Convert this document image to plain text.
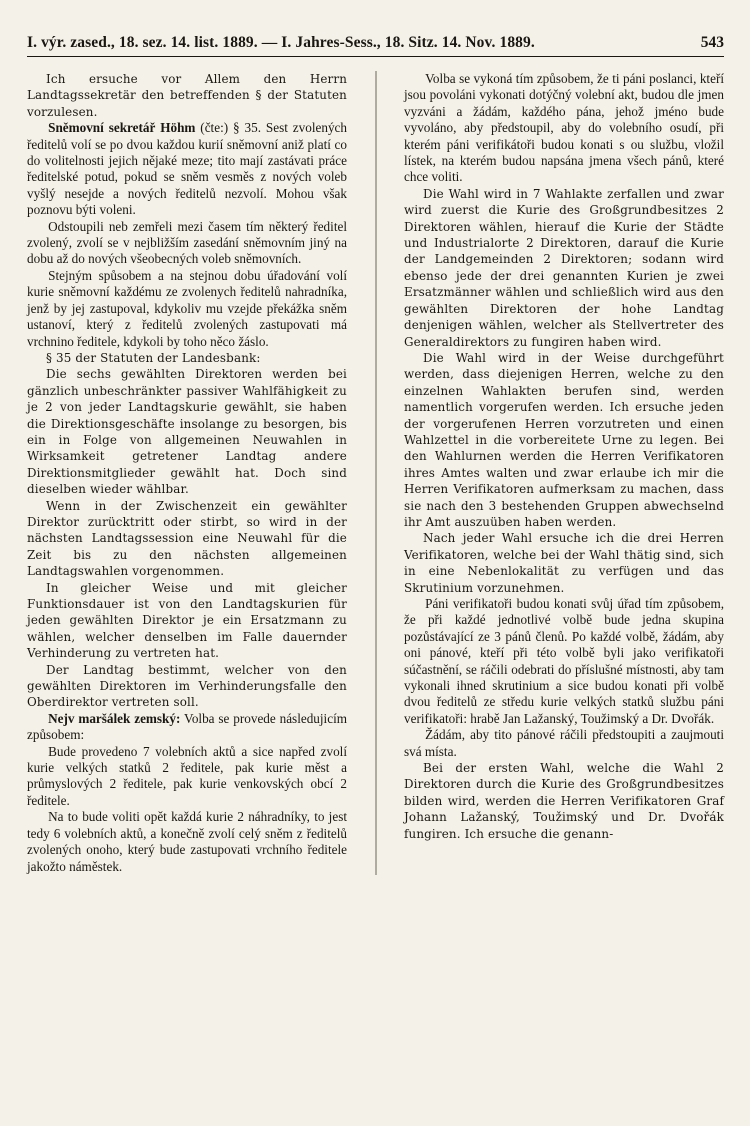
I. výr. zased., 18. sez. 14. list. 1889. — I. Jahres-Sess., 18. Sitz. 14. Nov. 1889.	543

Ich ersuche vor Allem den Herrn Landtagssekretär den betreffenden § der Statuten vorzulesen.

Sněmovní sekretář Höhm (čte:) § 35. Sest zvolených ředitelů volí se po dvou každou kurií sněmovní aniž platí co do volitelnosti jejich nějaké meze; tito mají zastávati práce ředitelské potud, pokud se sněm vesměs z nových voleb vyšlý nesejde a nových ředitelů nezvolí. Mohou však poznovu býti voleni.

Odstoupili neb zemřeli mezi časem tím některý ředitel zvolený, zvolí se v nejbližším zasedání sněmovním jiný na dobu až do nových všeobecných voleb sněmovních.

Stejným spůsobem a na stejnou dobu úřadování volí kurie sněmovní každému ze zvolenych ředitelů nahradníka, jenž by jej zastupoval, kdykoliv mu vzejde překážka sněm ustanoví, který z ředitelů zvolených zastupovati má vrchnino ředitele, kdykoli by toho něco žáslo.

§ 35 der Statuten der Landesbank:

Die sechs gewählten Direktoren werden bei gänzlich unbeschränkter passiver Wahlfähigkeit zu je 2 von jeder Landtagskurie gewählt, sie haben die Direktionsgeschäfte insolange zu besorgen, bis ein in Folge von allgemeinen Neuwahlen in Wirksamkeit getretener Landtag andere Direktionsmitglieder gewählt hat. Doch sind dieselben wieder wählbar.

Wenn in der Zwischenzeit ein gewählter Direktor zurücktritt oder stirbt, so wird in der nächsten Landtagssession eine Neuwahl für die Zeit bis zu den nächsten allgemeinen Landtagswahlen vorgenommen.

In gleicher Weise und mit gleicher Funktionsdauer ist von den Landtagskurien für jeden gewählten Direktor je ein Ersatzmann zu wählen, welcher denselben im Falle dauernder Verhinderung zu vertreten hat.

Der Landtag bestimmt, welcher von den gewählten Direktoren im Verhinderungsfalle den Oberdirektor vertreten soll.

Nejv maršálek zemský: Volba se provede následujicím způsobem:

Bude provedeno 7 volebních aktů a sice napřed zvolí kurie velkých statků 2 ředitele, pak kurie měst a průmyslových 2 ředitele, pak kurie venkovských obcí 2 ředitele.

Na to bude voliti opět každá kurie 2 náhradníky, to jest tedy 6 volebních aktů, a konečně zvolí celý sněm z ředitelů zvolených onoho, který bude zastupovati vrchního ředitele jakožto náměstek.

Volba se vykoná tím způsobem, že ti páni poslanci, kteří jsou povoláni vykonati dotýčný volební akt, budou dle jmen vyzváni a žádám, každého pána, jehož jméno bude vyvoláno, aby předstoupil, aby do volebního osudí, při kterém páni verifikátoři budou konati s ou službu, vložil lístek, na kterém budou napsána jmena všech pánů, které chce voliti.

Die Wahl wird in 7 Wahlakte zerfallen und zwar wird zuerst die Kurie des Großgrundbesitzes 2 Direktoren wählen, hierauf die Kurie der Städte und Industrialorte 2 Direktoren, darauf die Kurie der Landgemeinden 2 Direktoren; sodann wird ebenso jede der drei genannten Kurien je zwei Ersatzmänner wählen und schließlich wird aus den gewählten Direktoren der hohe Landtag denjenigen wählen, welcher als Stellvertreter des Generaldirektors zu fungiren haben wird.

Die Wahl wird in der Weise durchgeführt werden, dass diejenigen Herren, welche zu den einzelnen Wahlakten berufen sind, werden namentlich vorgerufen werden. Ich ersuche jeden der vorgerufenen Herren vorzutreten und einen Wahlzettel in die vorbereitete Urne zu legen. Bei den Wahlurnen werden die Herren Verifikatoren ihres Amtes walten und zwar erlaube ich mir die Herren Verifikatoren aufmerksam zu machen, dass sie nach den 3 bestehenden Gruppen abwechselnd ihr Amt auszuüben haben werden.

Nach jeder Wahl ersuche ich die drei Herren Verifikatoren, welche bei der Wahl thätig sind, sich in eine Nebenlokalität zu verfügen und das Skrutinium vorzunehmen.

Páni verifikatoři budou konati svůj úřad tím způsobem, že při každé jednotlivé volbě bude jedna skupina pozůstávající ze 3 pánů členů. Po každé volbě, žádám, aby oni pánové, kteří při této volbě byli jako verifikatoři súčastnění, se ráčili odebrati do příslušné místnosti, aby tam vykonali ihned skrutinium a sice budou konati při volbě dvou ředitelů ze středu kurie velkých statků službu páni verifikatoři: hrabě Jan Lažanský, Toužimský a Dr. Dvořák.

Žádám, aby tito pánové ráčili předstoupiti a zaujmouti svá místa.

Bei der ersten Wahl, welche die Wahl 2 Direktoren durch die Kurie des Großgrundbesitzes bilden wird, werden die Herren Verifikatoren Graf Johann Lažanský, Toužimský und Dr. Dvořák fungiren. Ich ersuche die genann-
